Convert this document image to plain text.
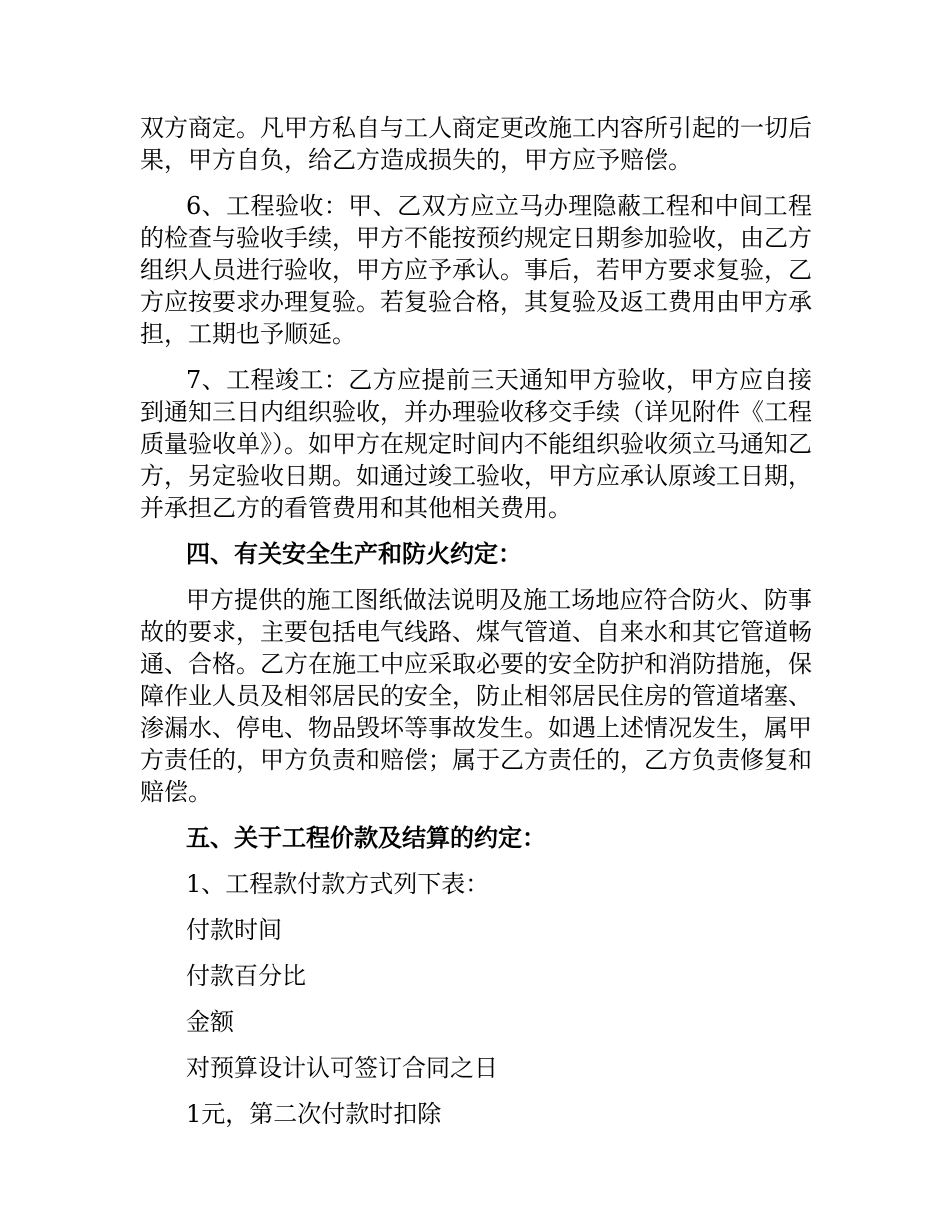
双方商定。凡甲方私自与工人商定更改施工内容所引起的一切后果，甲方自负，给乙方造成损失的，甲方应予赔偿。

6、工程验收：甲、乙双方应立马办理隐蔽工程和中间工程的检查与验收手续，甲方不能按预约规定日期参加验收，由乙方组织人员进行验收，甲方应予承认。事后，若甲方要求复验，乙方应按要求办理复验。若复验合格，其复验及返工费用由甲方承担，工期也予顺延。

7、工程竣工：乙方应提前三天通知甲方验收，甲方应自接到通知三日内组织验收，并办理验收移交手续（详见附件《工程质量验收单》）。如甲方在规定时间内不能组织验收须立马通知乙方，另定验收日期。如通过竣工验收，甲方应承认原竣工日期，并承担乙方的看管费用和其他相关费用。

四、有关安全生产和防火约定：

甲方提供的施工图纸做法说明及施工场地应符合防火、防事故的要求，主要包括电气线路、煤气管道、自来水和其它管道畅通、合格。乙方在施工中应采取必要的安全防护和消防措施，保障作业人员及相邻居民的安全，防止相邻居民住房的管道堵塞、渗漏水、停电、物品毁坏等事故发生。如遇上述情况发生，属甲方责任的，甲方负责和赔偿；属于乙方责任的，乙方负责修复和赔偿。

五、关于工程价款及结算的约定：
1、工程款付款方式列下表：
付款时间
付款百分比
金额
对预算设计认可签订合同之日
1元，第二次付款时扣除
